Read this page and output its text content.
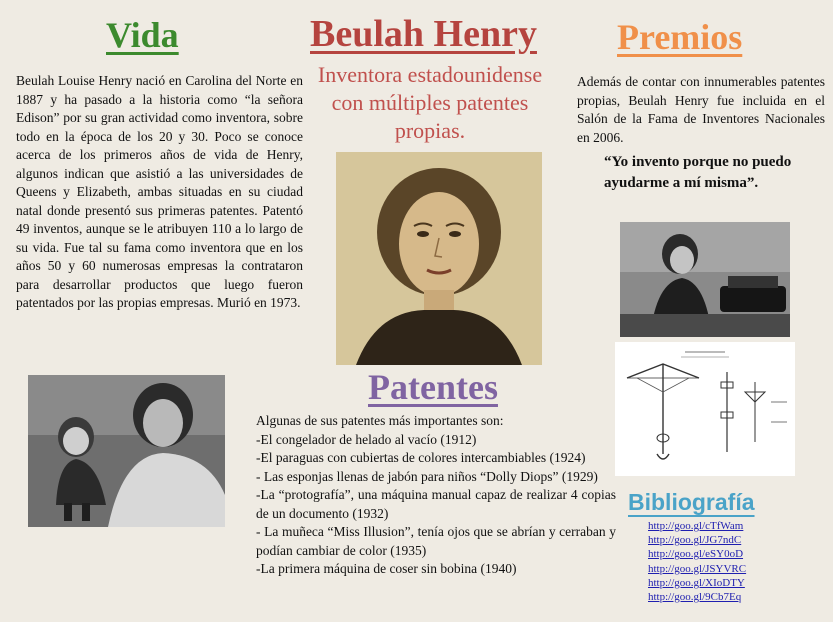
Vida	Beulah Henry
Inventora estadounidense con múltiples patentes propias.
Premios
Beulah Louise Henry nació en Carolina del Norte en 1887 y ha pasado a la historia como “la señora Edison” por su gran actividad como inventora, sobre todo en la época de los 20 y 30. Poco se conoce acerca de los primeros años de vida de Henry, algunos indican que asistió a las universidades de Queens y Elizabeth, ambas situadas en su ciudad natal donde presentó sus primeras patentes. Patentó 49 inventos, aunque se le atribuyen 110 a lo largo de su vida. Fue tal su fama como inventora que en los años 50 y 60 numerosas empresas la contrataron para desarrollar productos que luego fueron patentados por las propias empresas. Murió en 1973.
Además de contar con innumerables patentes propias, Beulah Henry fue incluida en el Salón de la Fama de Inventores Nacionales en 2006.
“Yo invento porque no puedo ayudarme a mí misma”.
Patentes
Algunas de sus patentes más importantes son:
-El congelador de helado al vacío (1912)
-El paraguas con cubiertas de colores intercambiables (1924)
- Las esponjas llenas de jabón para niños “Dolly Diops” (1929)
-La “protografía”, una máquina manual capaz de realizar 4 copias de un documento (1932)
- La muñeca “Miss Illusion”, tenía ojos que se abrían y cerraban y podían cambiar de color (1935)
-La primera máquina de coser sin bobina (1940)
Bibliografía
http://goo.gl/cTfWam
http://goo.gl/JG7ndC
http://goo.gl/eSY0oD
http://goo.gl/JSYVRC
http://goo.gl/XIoDTY
http://goo.gl/9Cb7Eq
